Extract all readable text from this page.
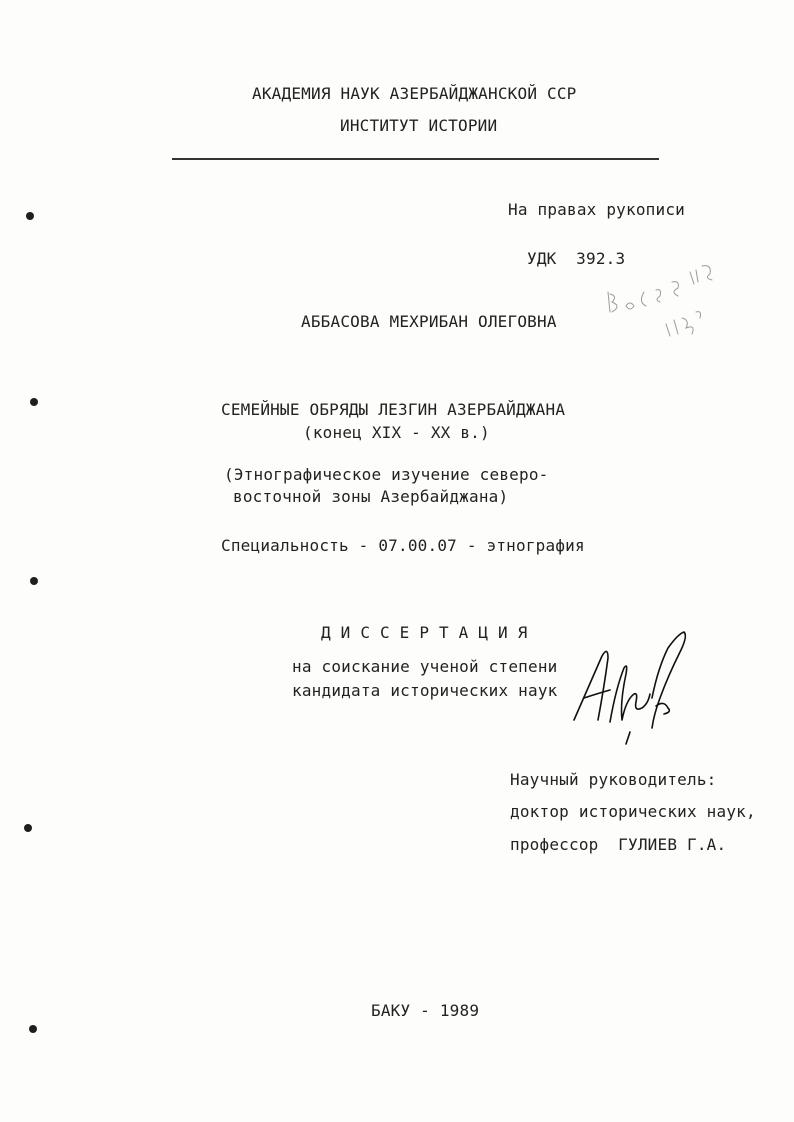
АКАДЕМИЯ НАУК АЗЕРБАЙДЖАНСКОЙ ССР
ИНСТИТУТ ИСТОРИИ
На правах рукописи
УДК  392.3
АББАСОВА МЕХРИБАН ОЛЕГОВНА
СЕМЕЙНЫЕ ОБРЯДЫ ЛЕЗГИН АЗЕРБАЙДЖАНА
(конец XIX - XX в.)
(Этнографическое изучение северо-
восточной зоны Азербайджана)
Специальность - 07.00.07 - этнография
Д И С С Е Р Т А Ц И Я
на соискание ученой степени
кандидата исторических наук
Научный руководитель:
доктор исторических наук,
профессор  ГУЛИЕВ Г.А.
БАКУ - 1989
